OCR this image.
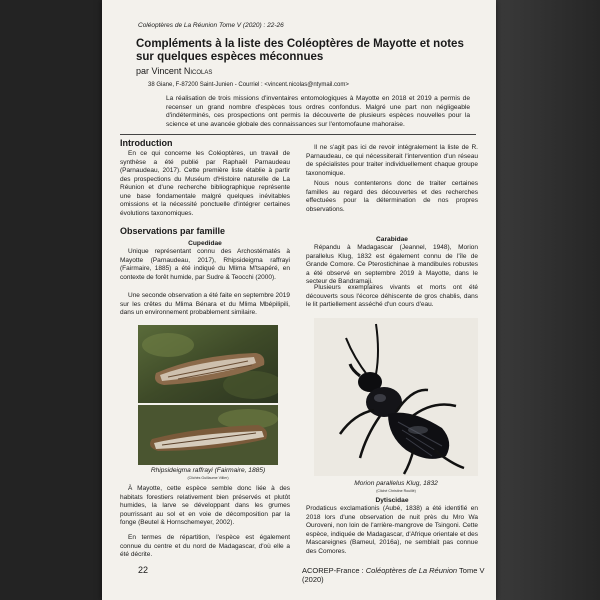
Coléoptères de La Réunion Tome V (2020) : 22-26
Compléments à la liste des Coléoptères de Mayotte et notes sur quelques espèces méconnues
par Vincent Nicolas
38 Giane, F-87200 Saint-Junien - Courriel : <vincent.nicolas@ntymail.com>
La réalisation de trois missions d'inventaires entomologiques à Mayotte en 2018 et 2019 a permis de recenser un grand nombre d'espèces tous ordres confondus. Malgré une part non négligeable d'indéterminés, ces prospections ont permis la découverte de plusieurs espèces nouvelles pour la science et une avancée globale des connaissances sur l'entomofaune mahoraise.
Introduction
En ce qui concerne les Coléoptères, un travail de synthèse a été publié par Raphaël Parnaudeau (Parnaudeau, 2017). Cette première liste établie à partir des prospections du Muséum d'Histoire naturelle de La Réunion et d'une recherche bibliographique représente une base fondamentale malgré quelques inévitables omissions et la nécessité ponctuelle d'intégrer certaines évolutions taxonomiques.
Il ne s'agit pas ici de revoir intégralement la liste de R. Parnaudeau, ce qui nécessiterait l'intervention d'un réseau de spécialistes pour traiter individuellement chaque groupe taxonomique.
Nous nous contenterons donc de traiter certaines familles au regard des découvertes et des recherches effectuées pour la détermination de nos propres observations.
Observations par famille
Cupedidae
Unique représentant connu des Archostématés à Mayotte (Parnaudeau, 2017), Rhipsideigma raffrayi (Fairmaire, 1885) a été indiqué du Mlima M'tsapéré, en contexte de forêt humide, par Sudre & Teocchi (2000).
Une seconde observation a été faite en septembre 2019 sur les crêtes du Mlima Bénara et du Mlima Mbépilipili, dans un environnement probablement similaire.
Rhipsideigma raffrayi (Fairmaire, 1885)
(Clichés Guillaume Villier)
À Mayotte, cette espèce semble donc liée à des habitats forestiers relativement bien préservés et plutôt humides, la larve se développant dans les grumes pourrissant au sol et en voie de décomposition par la fonge (Beutel & Hornschemeyer, 2002).
En termes de répartition, l'espèce est également connue du centre et du nord de Madagascar, d'où elle a été décrite.
Carabidae
Répandu à Madagascar (Jeannel, 1948), Morion parallelus Klug, 1832 est également connu de l'île de Grande Comore. Ce Pterostichinae à mandibules robustes a été observé en septembre 2019 à Mayotte, dans le secteur de Bandramaji.
Plusieurs exemplaires vivants et morts ont été découverts sous l'écorce déhiscente de gros chablis, dans le lit partiellement asséché d'un cours d'eau.
Morion parallelus Klug, 1832
(Cliché Christine Rouillé)
Dytiscidae
Prodaticus exclamationis (Aubé, 1838) a été identifié en 2018 lors d'une observation de nuit près du Mro Wa Ouroveni, non loin de l'arrière-mangrove de Tsingoni. Cette espèce, indiquée de Madagascar, d'Afrique orientale et des Mascareignes (Bameul, 2016a), ne semblait pas connue des Comores.
22	ACOREP-France : Coléoptères de La Réunion Tome V (2020)
